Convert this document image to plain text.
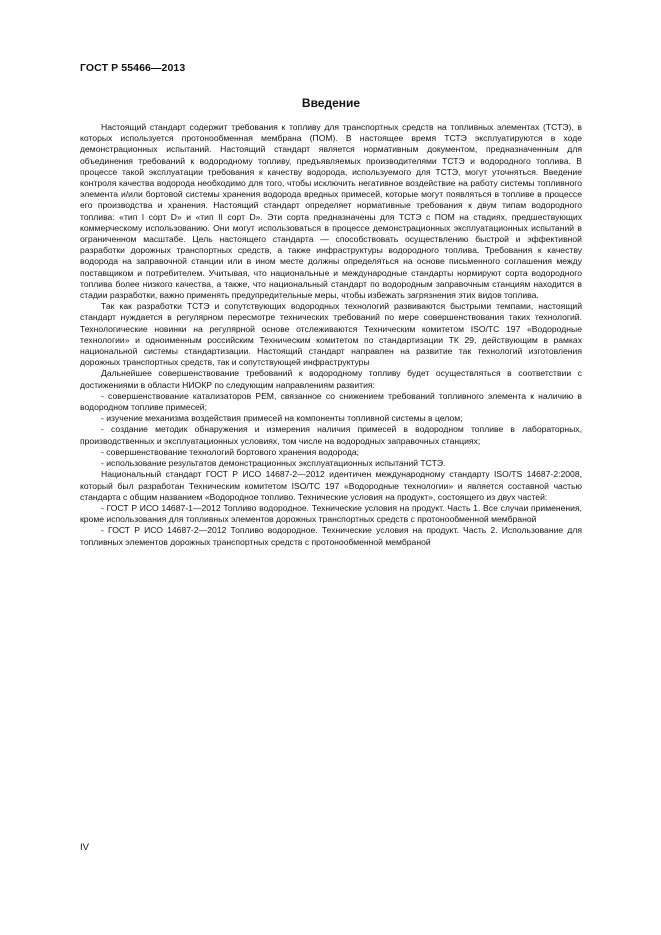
ГОСТ Р 55466—2013
Введение

Настоящий стандарт содержит требования к топливу для транспортных средств на топливных элементах (ТСТЭ), в которых используется протонообменная мембрана (ПОМ). В настоящее время ТСТЭ эксплуатируются в ходе демонстрационных испытаний. Настоящий стандарт является нормативным документом, предназначенным для объединения требований к водородному топливу, предъявляемых производителями ТСТЭ и водородного топлива. В процессе такой эксплуатации требования к качеству водорода, используемого для ТСТЭ, могут уточняться. Введение контроля качества водорода необходимо для того, чтобы исключить негативное воздействие на работу системы топливного элемента и/или бортовой системы хранения водорода вредных примесей, которые могут появляться в топливе в процессе его производства и хранения. Настоящий стандарт определяет нормативные требования к двум типам водородного топлива: «тип I сорт D» и «тип II сорт D». Эти сорта предназначены для ТСТЭ с ПОМ на стадиях, предшествующих коммерческому использованию. Они могут использоваться в процессе демонстрационных эксплуатационных испытаний в ограниченном масштабе. Цель настоящего стандарта — способствовать осуществлению быстрой и эффективной разработки дорожных транспортных средств, а также инфраструктуры водородного топлива. Требования к качеству водорода на заправочной станции или в ином месте должны определяться на основе письменного соглашения между поставщиком и потребителем. Учитывая, что национальные и международные стандарты нормируют сорта водородного топлива более низкого качества, а также, что национальный стандарт по водородным заправочным станциям находится в стадии разработки, важно применять предупредительные меры, чтобы избежать загрязнения этих видов топлива.

Так как разработки ТСТЭ и сопутствующих водородных технологий развиваются быстрыми темпами, настоящий стандарт нуждается в регулярном пересмотре технических требований по мере совершенствования таких технологий. Технологические новинки на регулярной основе отслеживаются Техническим комитетом ISO/TC 197 «Водородные технологии» и одноименным российским Техническим комитетом по стандартизации ТК 29, действующим в рамках национальной системы стандартизации. Настоящий стандарт направлен на развитие так технологий изготовления дорожных транспортных средств, так и сопутствующей инфраструктуры

Дальнейшее совершенствование требований к водородному топливу будет осуществляться в соответствии с достижениями в области НИОКР по следующим направлениям развития:

- совершенствование катализаторов PEM, связанное со снижением требований топливного элемента к наличию в водородном топливе примесей;

- изучение механизма воздействия примесей на компоненты топливной системы в целом;

- создание методик обнаружения и измерения наличия примесей в водородном топливе в лабораторных, производственных и эксплуатационных условиях, том числе на водородных заправочных станциях;

- совершенствование технологий бортового хранения водорода;

- использование результатов демонстрационных эксплуатационных испытаний ТСТЭ.

Национальный стандарт ГОСТ Р ИСО 14687-2—2012 идентичен международному стандарту ISO/TS 14687-2:2008, который был разработан Техническим комитетом ISO/TC 197 «Водородные технологии» и является составной частью стандарта с общим названием «Водородное топливо. Технические условия на продукт», состоящего из двух частей:

- ГОСТ Р ИСО 14687-1—2012 Топливо водородное. Технические условия на продукт. Часть 1. Все случаи применения, кроме использования для топливных элементов дорожных транспортных средств с протонообменной мембраной

- ГОСТ Р ИСО 14687-2—2012 Топливо водородное. Технические условия на продукт. Часть 2. Использование для топливных элементов дорожных транспортных средств с протонообменной мембраной

IV
